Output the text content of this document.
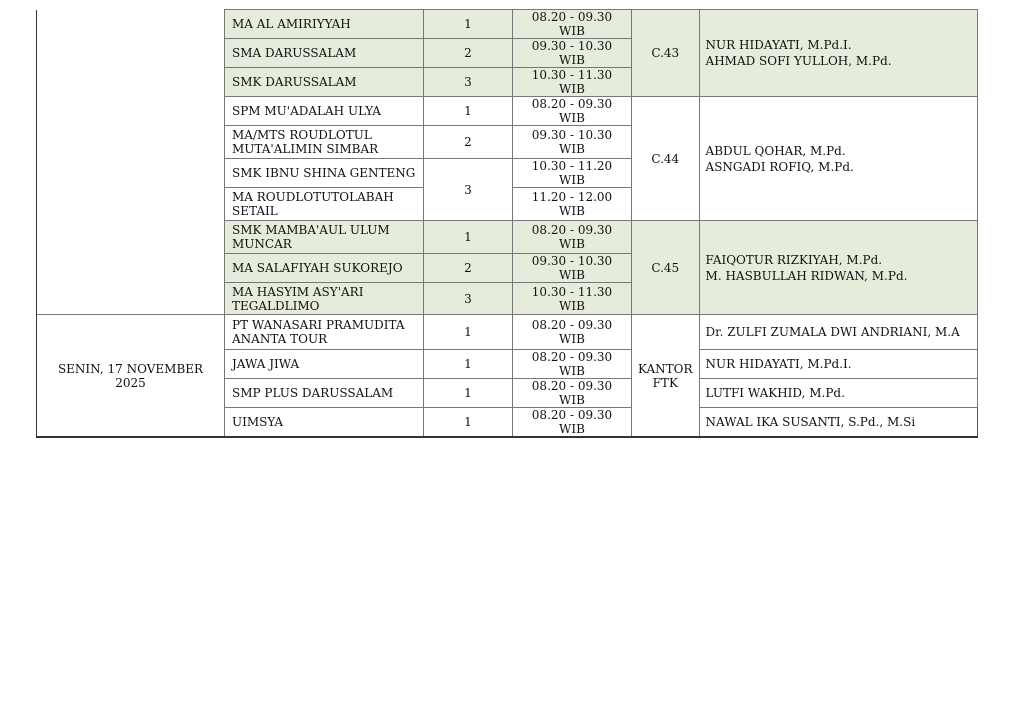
	MA AL AMIRIYYAH	1	08.20 - 09.30 WIB	C.43	NUR HIDAYATI, M.Pd.I.
AHMAD SOFI YULLOH, M.Pd.

	SMA DARUSSALAM	2	09.30 - 10.30 WIB		
	SMK DARUSSALAM	3	10.30 - 11.30 WIB		
	SPM MU'ADALAH ULYA	1	08.20 - 09.30 WIB	C.44	ABDUL QOHAR, M.Pd.
ASNGADI ROFIQ, M.Pd.

	MA/MTS ROUDLOTUL MUTA'ALIMIN SIMBAR	2	09.30 - 10.30 WIB		
	SMK IBNU SHINA GENTENG	3	10.30 - 11.20 WIB		
	MA ROUDLOTUTOLABAH SETAIL		11.20 - 12.00 WIB		
	SMK MAMBA'AUL ULUM MUNCAR	1	08.20 - 09.30 WIB	C.45	FAIQOTUR RIZKIYAH, M.Pd.
M. HASBULLAH RIDWAN, M.Pd.

	MA SALAFIYAH SUKOREJO	2	09.30 - 10.30 WIB		
	MA HASYIM ASY'ARI TEGALDLIMO	3	10.30 - 11.30 WIB		

SENIN, 17 NOVEMBER 2025	PT WANASARI PRAMUDITA ANANTA TOUR	1	08.20 - 09.30 WIB	KANTOR FTK	Dr. ZULFI ZUMALA DWI ANDRIANI, M.A
	JAWA JIWA	1	08.20 - 09.30 WIB		NUR HIDAYATI, M.Pd.I.
	SMP PLUS DARUSSALAM	1	08.20 - 09.30 WIB		LUTFI WAKHID, M.Pd.
	UIMSYA	1	08.20 - 09.30 WIB		NAWAL IKA SUSANTI, S.Pd., M.Si
